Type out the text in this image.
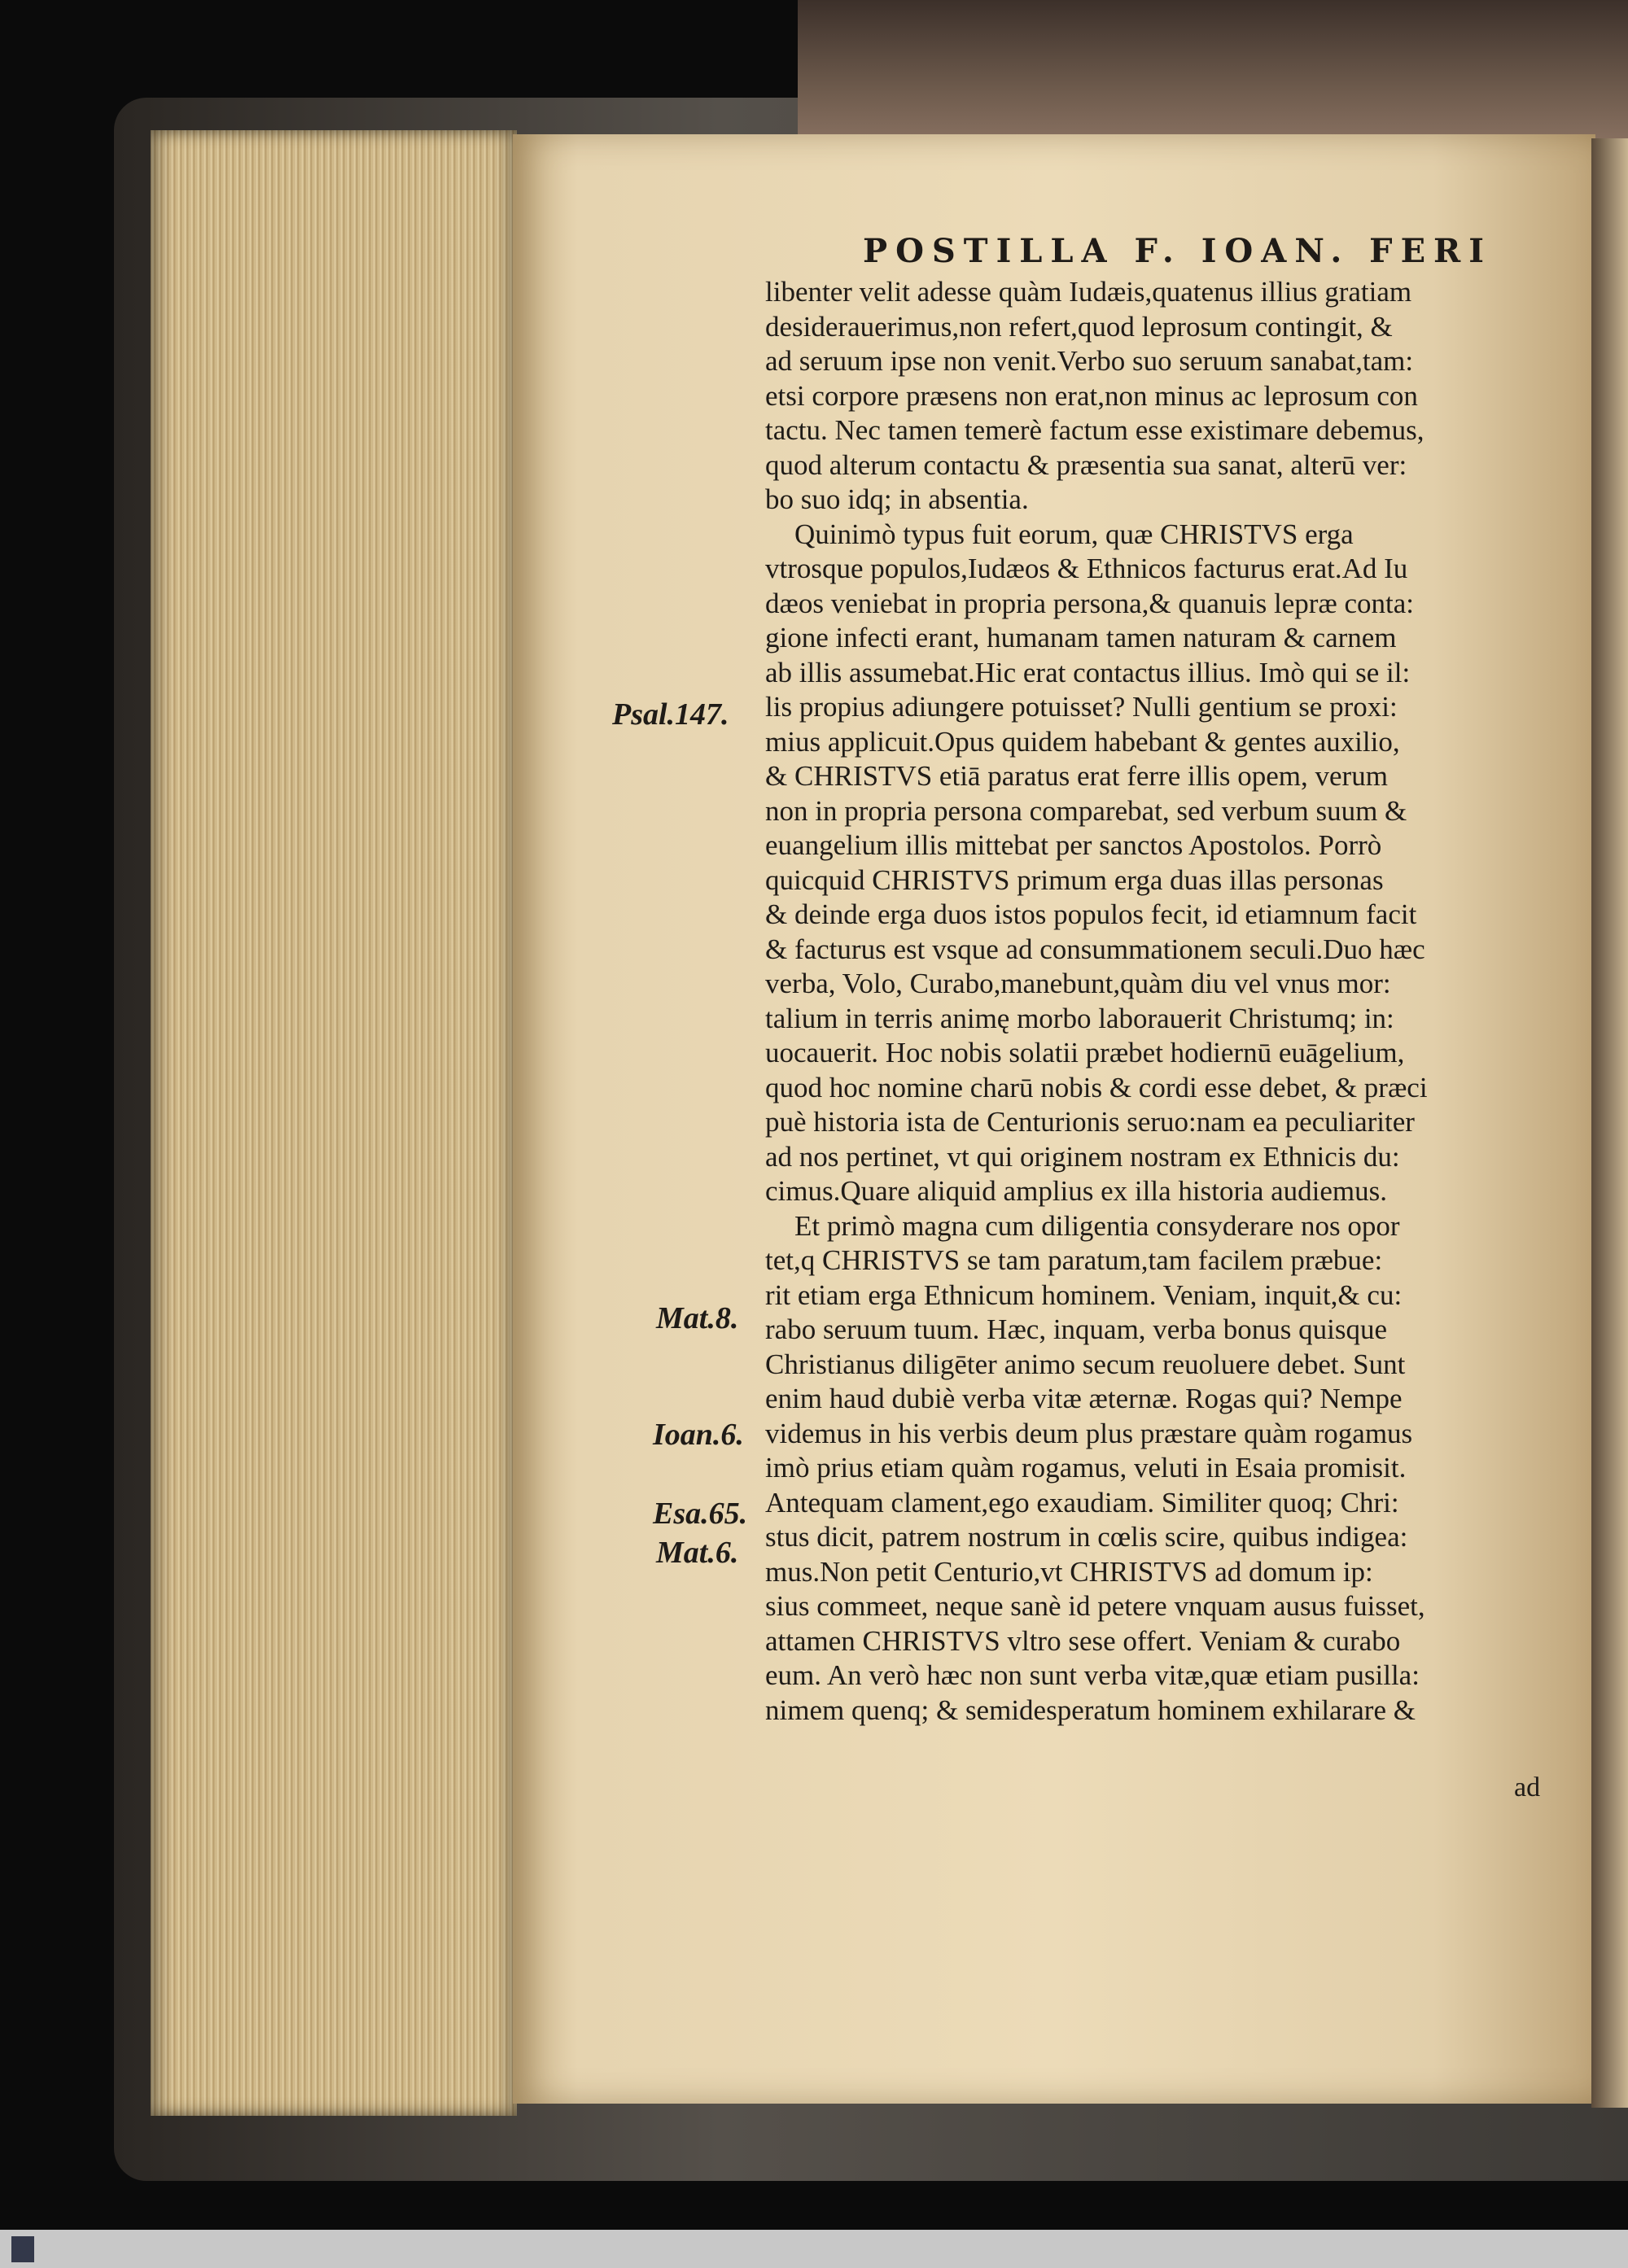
POSTILLA F. IOAN. FERI
libenter velit adesse quàm Iudæis,quatenus illius gratiam
desiderauerimus,non refert,quod leprosum contingit, &
ad seruum ipse non venit.Verbo suo seruum sanabat,tam:
etsi corpore præsens non erat,non minus ac leprosum con
tactu. Nec tamen temerè factum esse existimare debemus,
quod alterum contactu & præsentia sua sanat, alterū ver:
bo suo idq; in absentia.
Quinimò typus fuit eorum, quæ CHRISTVS erga
vtrosque populos,Iudæos & Ethnicos facturus erat.Ad Iu
dæos veniebat in propria persona,& quanuis lepræ conta:
gione infecti erant, humanam tamen naturam & carnem
ab illis assumebat.Hic erat contactus illius. Imò qui se il:
lis propius adiungere potuisset? Nulli gentium se proxi:
mius applicuit.Opus quidem habebant & gentes auxilio,
& CHRISTVS etiā paratus erat ferre illis opem, verum
non in propria persona comparebat, sed verbum suum &
euangelium illis mittebat per sanctos Apostolos. Porrò
quicquid CHRISTVS primum erga duas illas personas
& deinde erga duos istos populos fecit, id etiamnum facit
& facturus est vsque ad consummationem seculi.Duo hæc
verba, Volo, Curabo,manebunt,quàm diu vel vnus mor:
talium in terris animę morbo laborauerit Christumq; in:
uocauerit. Hoc nobis solatii præbet hodiernū euāgelium,
quod hoc nomine charū nobis & cordi esse debet, & præci
puè historia ista de Centurionis seruo:nam ea peculiariter
ad nos pertinet, vt qui originem nostram ex Ethnicis du:
cimus.Quare aliquid amplius ex illa historia audiemus.
Et primò magna cum diligentia consyderare nos opor
tet,q CHRISTVS se tam paratum,tam facilem præbue:
rit etiam erga Ethnicum hominem. Veniam, inquit,& cu:
rabo seruum tuum. Hæc, inquam, verba bonus quisque
Christianus diligēter animo secum reuoluere debet. Sunt
enim haud dubiè verba vitæ æternæ. Rogas qui? Nempe
videmus in his verbis deum plus præstare quàm rogamus
imò prius etiam quàm rogamus, veluti in Esaia promisit.
Antequam clament,ego exaudiam. Similiter quoq; Chri:
stus dicit, patrem nostrum in cœlis scire, quibus indigea:
mus.Non petit Centurio,vt CHRISTVS ad domum ip:
sius commeet, neque sanè id petere vnquam ausus fuisset,
attamen CHRISTVS vltro sese offert. Veniam & curabo
eum. An verò hæc non sunt verba vitæ,quæ etiam pusilla:
nimem quenq; & semidesperatum hominem exhilarare &
ad
Psal.147.
Mat.8.
Ioan.6.
Esa.65.
Mat.6.
